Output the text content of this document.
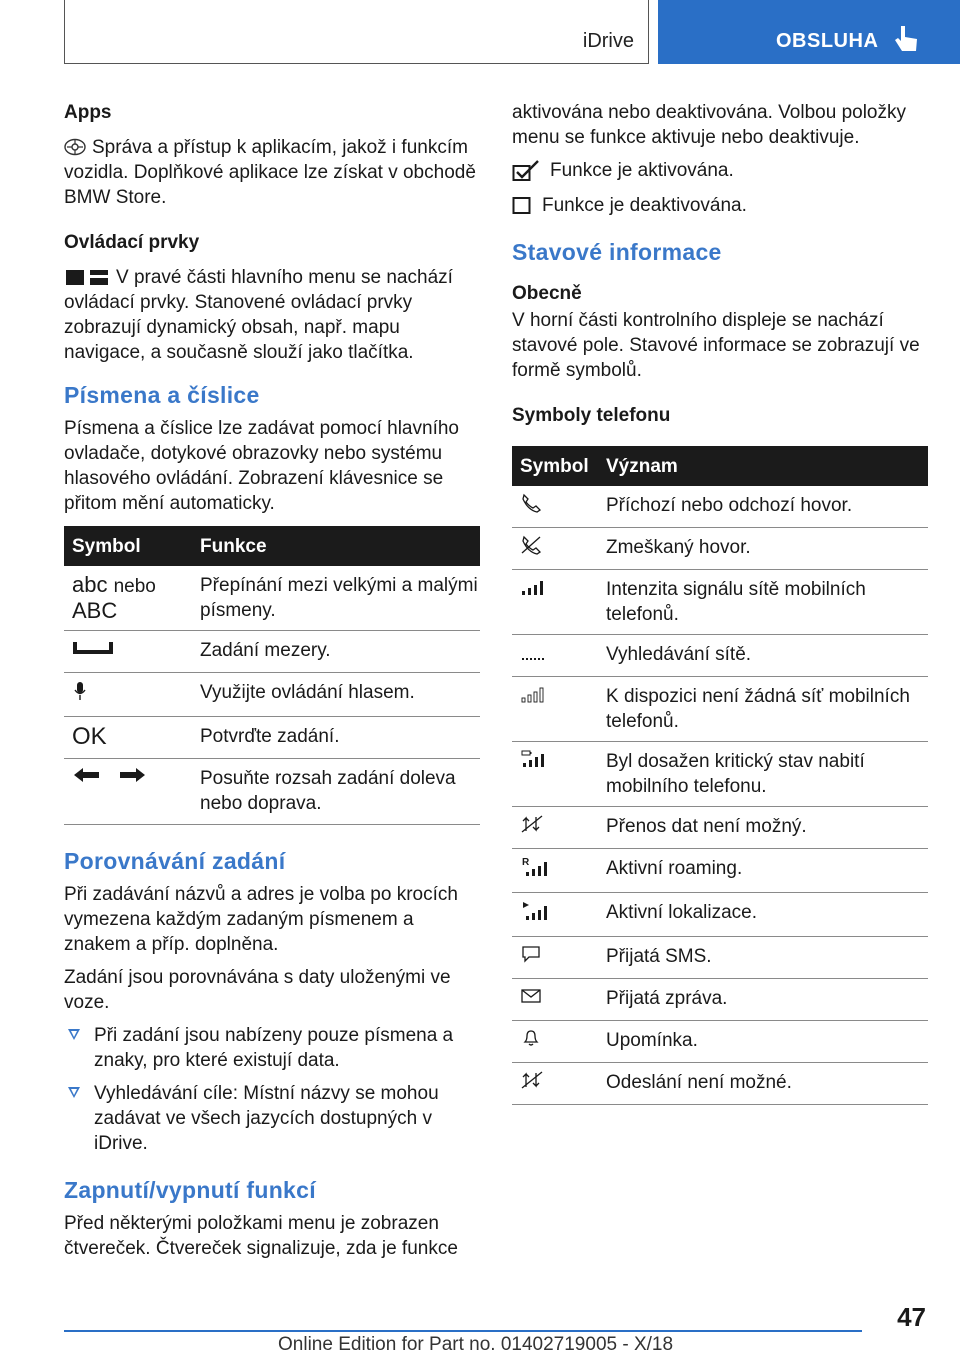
iDrive	OBSLUHA
Apps

Správa a přístup k aplikacím, jakož i funkcím vozidla. Doplňkové aplikace lze získat v obchodě BMW Store.

Ovládací prvky

V pravé části hlavního menu se nachází ovládací prvky. Stanovené ovládací prvky zobrazují dynamický obsah, např. mapu navigace, a současně slouží jako tlačítka.

Písmena a číslice

Písmena a číslice lze zadávat pomocí hlavního ovladače, dotykové obrazovky nebo systému hlasového ovládání. Zobrazení klávesnice se přitom mění automaticky.

Symbol	Funkce

abc nebo
ABC	Přepínání mezi velkými a malými písmeny.
	Zadání mezery.
	Využijte ovládání hlasem.
OK	Potvrďte zadání.
	Posuňte rozsah zadání doleva nebo doprava.
Porovnávání zadání

Při zadávání názvů a adres je volba po krocích vymezena každým zadaným písmenem a znakem a příp. doplněna.

Zadání jsou porovnávána s daty uloženými ve voze.

Při zadání jsou nabízeny pouze písmena a znaky, pro které existují data.
Vyhledávání cíle: Místní názvy se mohou zadávat ve všech jazycích dostupných v iDrive.
Zapnutí/vypnutí funkcí

Před některými položkami menu je zobrazen čtvereček. Čtvereček signalizuje, zda je funkce

aktivována nebo deaktivována. Volbou položky menu se funkce aktivuje nebo deaktivuje.

Funkce je aktivována.
Funkce je deaktivována.
Stavové informace
Obecně

V horní části kontrolního displeje se nachází stavové pole. Stavové informace se zobrazují ve formě symbolů.

Symboly telefonu
Symbol	Význam
	Příchozí nebo odchozí hovor.
	Zmeškaný hovor.
	Intenzita signálu sítě mobilních telefonů.
	Vyhledávání sítě.
	K dispozici není žádná síť mobilních telefonů.
	Byl dosažen kritický stav nabití mobilního telefonu.
	Přenos dat není možný.

R	Aktivní roaming.
	Aktivní lokalizace.
	Přijatá SMS.
	Přijatá zpráva.
	Upomínka.
	Odeslání není možné.
47
Online Edition for Part no. 01402719005 - X/18
